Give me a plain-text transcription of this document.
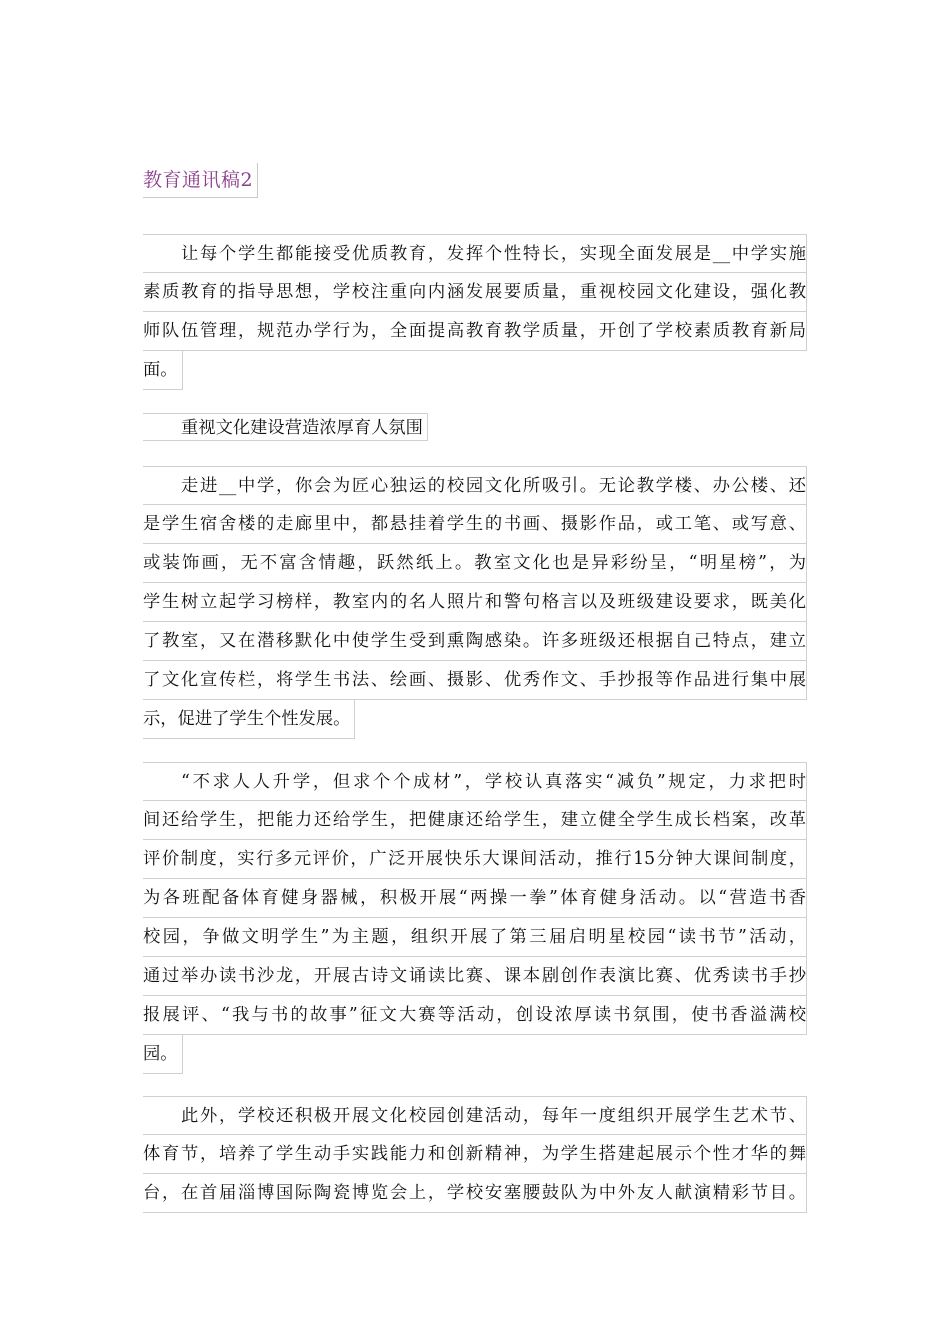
教育通讯稿2
让每个学生都能接受优质教育，发挥个性特长，实现全面发展是__中学实施
素质教育的指导思想，学校注重向内涵发展要质量，重视校园文化建设，强化教
师队伍管理，规范办学行为，全面提高教育教学质量，开创了学校素质教育新局
面。
重视文化建设营造浓厚育人氛围
走进__中学，你会为匠心独运的校园文化所吸引。无论教学楼、办公楼、还
是学生宿舍楼的走廊里中，都悬挂着学生的书画、摄影作品，或工笔、或写意、
或装饰画，无不富含情趣，跃然纸上。教室文化也是异彩纷呈，“明星榜”，为
学生树立起学习榜样，教室内的名人照片和警句格言以及班级建设要求，既美化
了教室，又在潜移默化中使学生受到熏陶感染。许多班级还根据自己特点，建立
了文化宣传栏，将学生书法、绘画、摄影、优秀作文、手抄报等作品进行集中展
示，促进了学生个性发展。
“不求人人升学，但求个个成材”，学校认真落实“减负”规定，力求把时
间还给学生，把能力还给学生，把健康还给学生，建立健全学生成长档案，改革
评价制度，实行多元评价，广泛开展快乐大课间活动，推行15分钟大课间制度，
为各班配备体育健身器械，积极开展“两操一拳”体育健身活动。以“营造书香
校园，争做文明学生”为主题，组织开展了第三届启明星校园“读书节”活动，
通过举办读书沙龙，开展古诗文诵读比赛、课本剧创作表演比赛、优秀读书手抄
报展评、“我与书的故事”征文大赛等活动，创设浓厚读书氛围，使书香溢满校
园。
此外，学校还积极开展文化校园创建活动，每年一度组织开展学生艺术节、
体育节，培养了学生动手实践能力和创新精神，为学生搭建起展示个性才华的舞
台，在首届淄博国际陶瓷博览会上，学校安塞腰鼓队为中外友人献演精彩节目。
